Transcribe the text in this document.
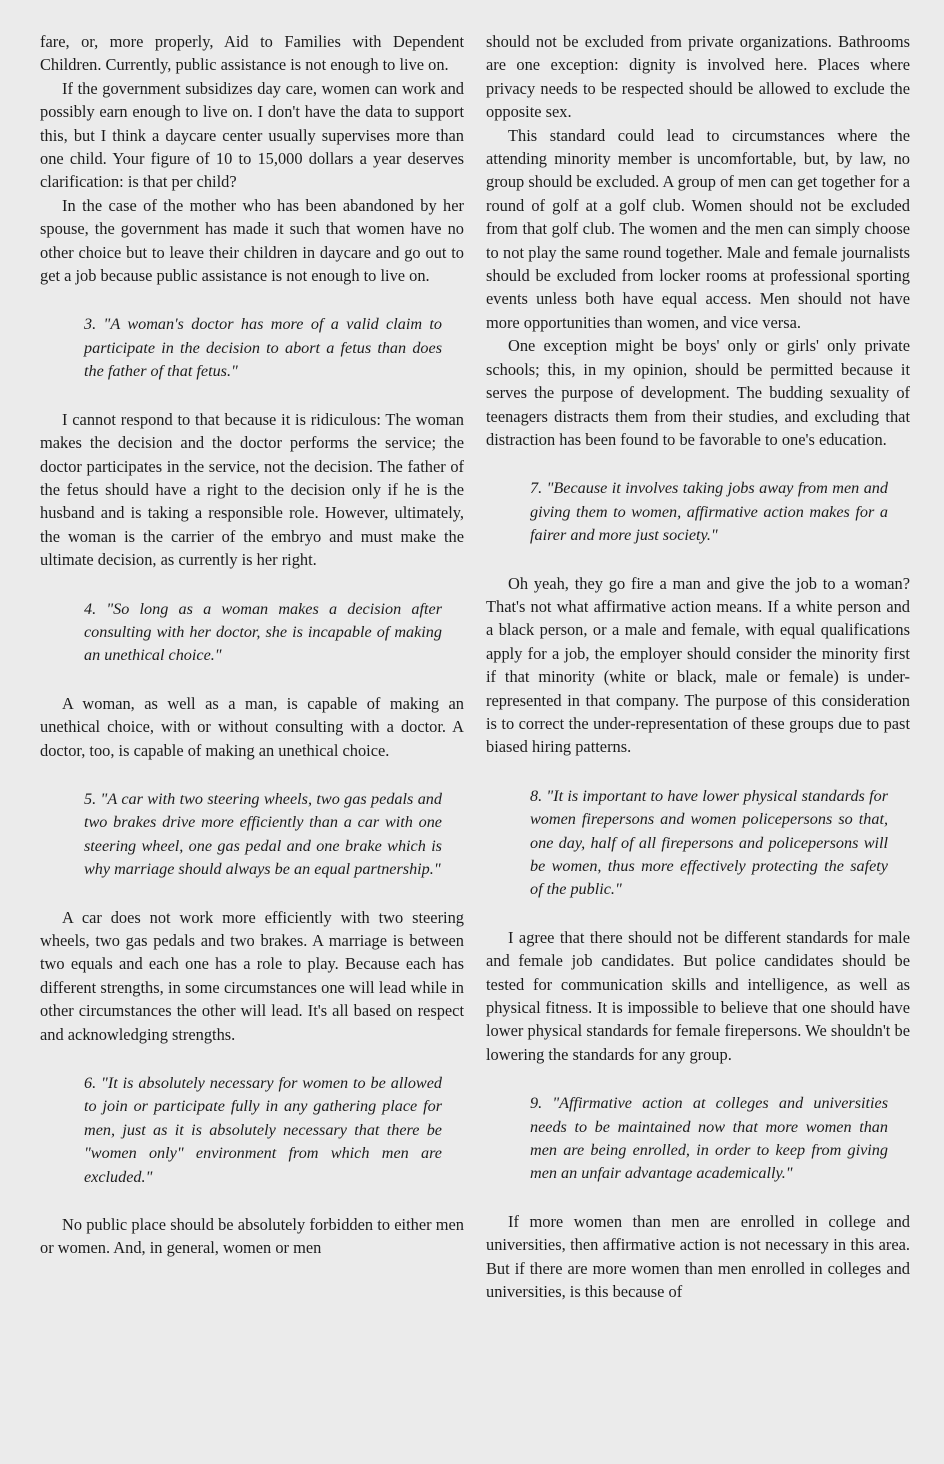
fare, or, more properly, Aid to Families with Dependent Children. Currently, public assistance is not enough to live on.

If the government subsidizes day care, women can work and possibly earn enough to live on. I don't have the data to support this, but I think a daycare center usually supervises more than one child. Your figure of 10 to 15,000 dollars a year deserves clarification: is that per child?

In the case of the mother who has been abandoned by her spouse, the government has made it such that women have no other choice but to leave their children in daycare and go out to get a job because public assistance is not enough to live on.

3. "A woman's doctor has more of a valid claim to participate in the decision to abort a fetus than does the father of that fetus."

I cannot respond to that because it is ridiculous: The woman makes the decision and the doctor performs the service; the doctor participates in the service, not the decision. The father of the fetus should have a right to the decision only if he is the husband and is taking a responsible role. However, ultimately, the woman is the carrier of the embryo and must make the ultimate decision, as currently is her right.

4. "So long as a woman makes a decision after consulting with her doctor, she is incapable of making an unethical choice."

A woman, as well as a man, is capable of making an unethical choice, with or without consulting with a doctor. A doctor, too, is capable of making an unethical choice.

5. "A car with two steering wheels, two gas pedals and two brakes drive more efficiently than a car with one steering wheel, one gas pedal and one brake which is why marriage should always be an equal partnership."

A car does not work more efficiently with two steering wheels, two gas pedals and two brakes. A marriage is between two equals and each one has a role to play. Because each has different strengths, in some circumstances one will lead while in other circumstances the other will lead. It's all based on respect and acknowledging strengths.

6. "It is absolutely necessary for women to be allowed to join or participate fully in any gathering place for men, just as it is absolutely necessary that there be "women only" environment from which men are excluded."

No public place should be absolutely forbidden to either men or women. And, in general, women or men

should not be excluded from private organizations. Bathrooms are one exception: dignity is involved here. Places where privacy needs to be respected should be allowed to exclude the opposite sex.

This standard could lead to circumstances where the attending minority member is uncomfortable, but, by law, no group should be excluded. A group of men can get together for a round of golf at a golf club. Women should not be excluded from that golf club. The women and the men can simply choose to not play the same round together. Male and female journalists should be excluded from locker rooms at professional sporting events unless both have equal access. Men should not have more opportunities than women, and vice versa.

One exception might be boys' only or girls' only private schools; this, in my opinion, should be permitted because it serves the purpose of development. The budding sexuality of teenagers distracts them from their studies, and excluding that distraction has been found to be favorable to one's education.

7. "Because it involves taking jobs away from men and giving them to women, affirmative action makes for a fairer and more just society."

Oh yeah, they go fire a man and give the job to a woman? That's not what affirmative action means. If a white person and a black person, or a male and female, with equal qualifications apply for a job, the employer should consider the minority first if that minority (white or black, male or female) is under-represented in that company. The purpose of this consideration is to correct the under-representation of these groups due to past biased hiring patterns.

8. "It is important to have lower physical standards for women firepersons and women policepersons so that, one day, half of all firepersons and policepersons will be women, thus more effectively protecting the safety of the public."

I agree that there should not be different standards for male and female job candidates. But police candidates should be tested for communication skills and intelligence, as well as physical fitness. It is impossible to believe that one should have lower physical standards for female firepersons. We shouldn't be lowering the standards for any group.

9. "Affirmative action at colleges and universities needs to be maintained now that more women than men are being enrolled, in order to keep from giving men an unfair advantage academically."

If more women than men are enrolled in college and universities, then affirmative action is not necessary in this area. But if there are more women than men enrolled in colleges and universities, is this because of
